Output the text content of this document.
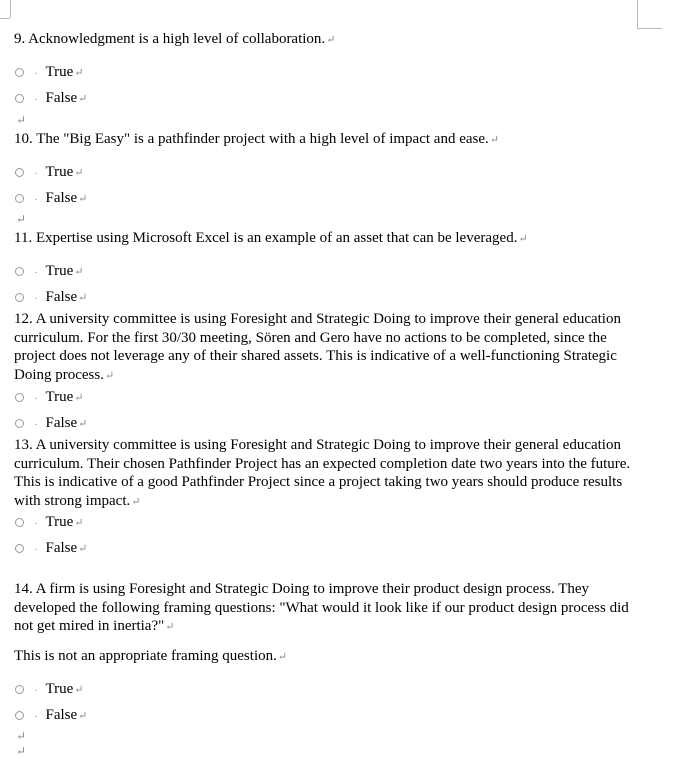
9. Acknowledgment is a high level of collaboration.↵
. True ↵
. False ↵
↵
10. The "Big Easy" is a pathfinder project with a high level of impact and ease.↵
. True ↵
. False ↵
↵
11. Expertise using Microsoft Excel is an example of an asset that can be leveraged.↵
. True ↵
. False ↵
12. A university committee is using Foresight and Strategic Doing to improve their general education curriculum. For the first 30/30 meeting, Sören and Gero have no actions to be completed, since the project does not leverage any of their shared assets. This is indicative of a well-functioning Strategic Doing process.↵
. True ↵
. False ↵
13. A university committee is using Foresight and Strategic Doing to improve their general education curriculum. Their chosen Pathfinder Project has an expected completion date two years into the future. This is indicative of a good Pathfinder Project since a project taking two years should produce results with strong impact.↵
. True ↵
. False ↵
14. A firm is using Foresight and Strategic Doing to improve their product design process. They developed the following framing questions: "What would it look like if our product design process did not get mired in inertia?"↵
This is not an appropriate framing question.↵
. True ↵
. False ↵
↵
↵
